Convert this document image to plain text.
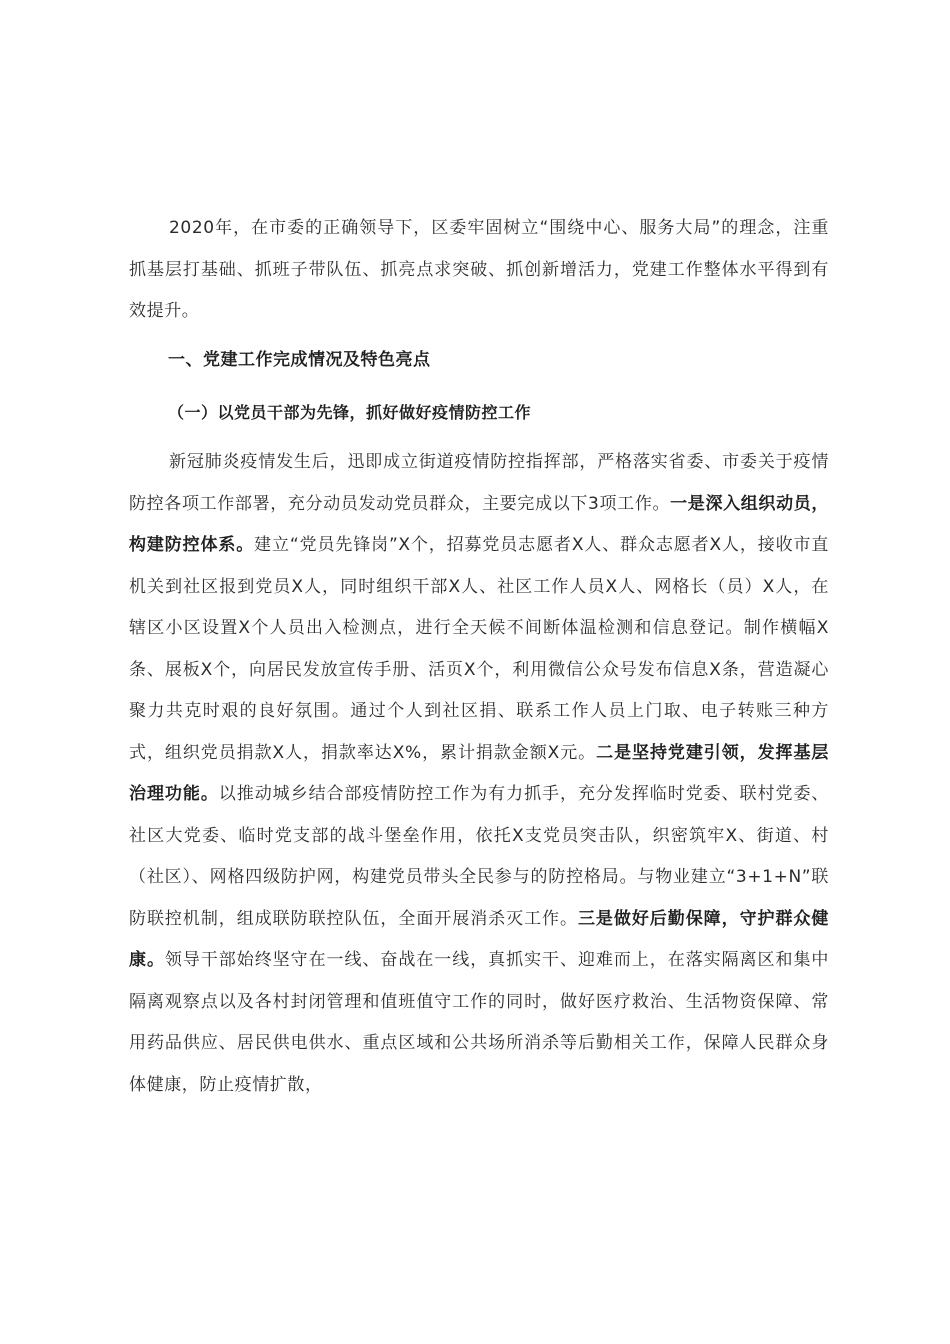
2020年，在市委的正确领导下，区委牢固树立“围绕中心、服务大局”的理念，注重抓基层打基础、抓班子带队伍、抓亮点求突破、抓创新增活力，党建工作整体水平得到有效提升。

一、党建工作完成情况及特色亮点
（一）以党员干部为先锋，抓好做好疫情防控工作

新冠肺炎疫情发生后，迅即成立街道疫情防控指挥部，严格落实省委、市委关于疫情防控各项工作部署，充分动员发动党员群众，主要完成以下3项工作。一是深入组织动员，构建防控体系。建立“党员先锋岗”X个，招募党员志愿者X人、群众志愿者X人，接收市直机关到社区报到党员X人，同时组织干部X人、社区工作人员X人、网格长（员）X人，在辖区小区设置X个人员出入检测点，进行全天候不间断体温检测和信息登记。制作横幅X条、展板X个，向居民发放宣传手册、活页X个，利用微信公众号发布信息X条，营造凝心聚力共克时艰的良好氛围。通过个人到社区捐、联系工作人员上门取、电子转账三种方式，组织党员捐款X人，捐款率达X%，累计捐款金额X元。二是坚持党建引领，发挥基层治理功能。以推动城乡结合部疫情防控工作为有力抓手，充分发挥临时党委、联村党委、社区大党委、临时党支部的战斗堡垒作用，依托X支党员突击队，织密筑牢X、街道、村（社区）、网格四级防护网，构建党员带头全民参与的防控格局。与物业建立“3+1+N”联防联控机制，组成联防联控队伍，全面开展消杀灭工作。三是做好后勤保障，守护群众健康。领导干部始终坚守在一线、奋战在一线，真抓实干、迎难而上，在落实隔离区和集中隔离观察点以及各村封闭管理和值班值守工作的同时，做好医疗救治、生活物资保障、常用药品供应、居民供电供水、重点区域和公共场所消杀等后勤相关工作，保障人民群众身体健康，防止疫情扩散，
